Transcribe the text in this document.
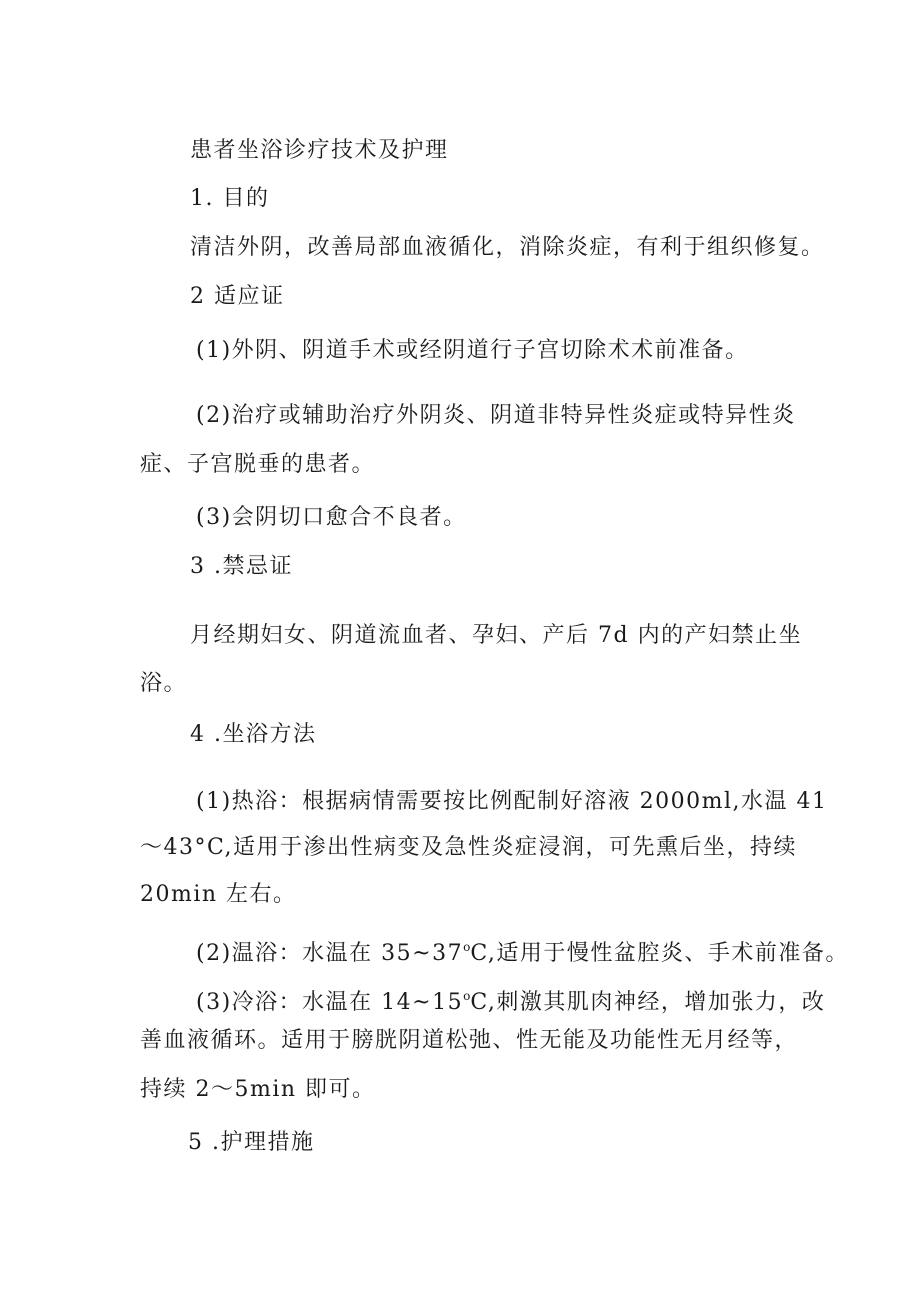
患者坐浴诊疗技术及护理
1. 目的
清洁外阴，改善局部血液循化，消除炎症，有利于组织修复。
2 适应证
(1)外阴、阴道手术或经阴道行子宫切除术术前准备。
(2)治疗或辅助治疗外阴炎、阴道非特异性炎症或特异性炎
症、子宫脱垂的患者。
(3)会阴切口愈合不良者。
3 .禁忌证
月经期妇女、阴道流血者、孕妇、产后 7d 内的产妇禁止坐
浴。
4 .坐浴方法
(1)热浴：根据病情需要按比例配制好溶液 2000ml,水温 41
～43°C,适用于渗出性病变及急性炎症浸润，可先熏后坐，持续
20min 左右。
(2)温浴：水温在 35~37$^o$C,适用于慢性盆腔炎、手术前准备。
(3)冷浴：水温在 14~15$^o$C,刺激其肌肉神经，增加张力，改
善血液循环。适用于膀胱阴道松弛、性无能及功能性无月经等，
持续 2～5min 即可。
5 .护理措施
